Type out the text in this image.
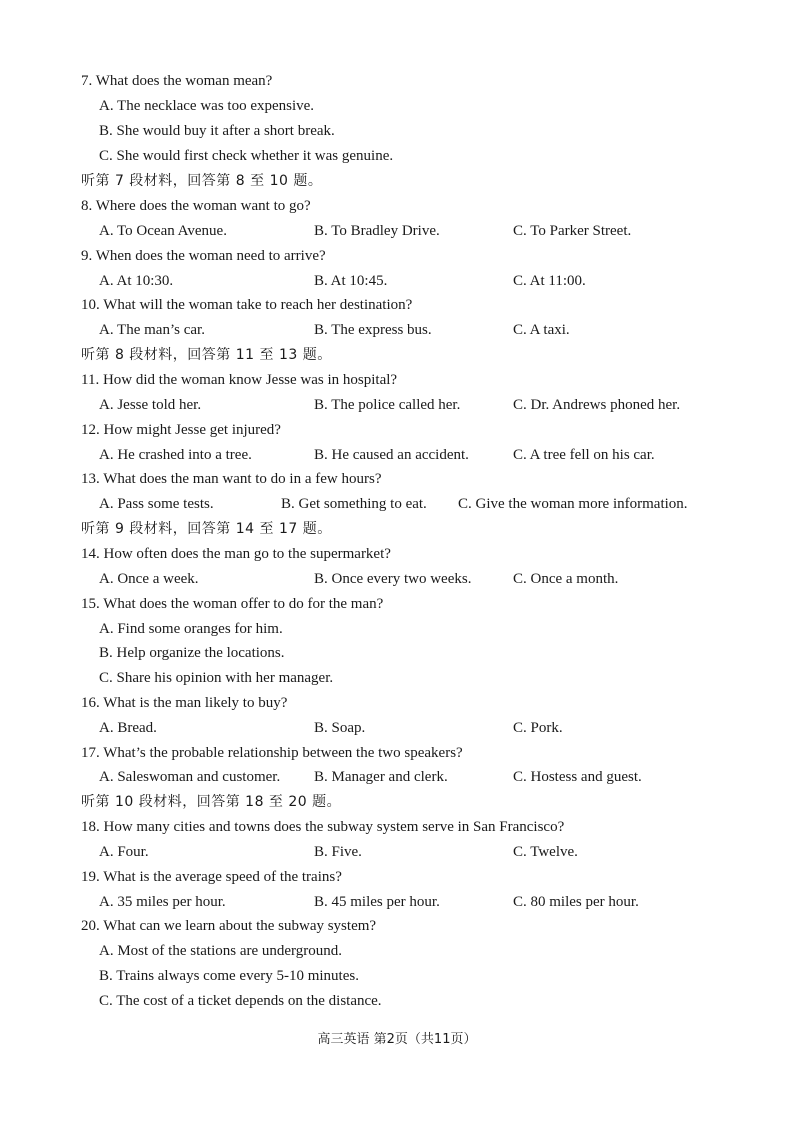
7. What does the woman mean?
A. The necklace was too expensive.
B. She would buy it after a short break.
C. She would first check whether it was genuine.
听第 7 段材料，回答第 8 至 10 题。
8. Where does the woman want to go?
A. To Ocean Avenue.	B. To Bradley Drive.	C. To Parker Street.
9. When does the woman need to arrive?
A. At 10:30.	B. At 10:45.	C. At 11:00.
10. What will the woman take to reach her destination?
A. The man’s car.	B. The express bus.	C. A taxi.
听第 8 段材料，回答第 11 至 13 题。
11. How did the woman know Jesse was in hospital?
A. Jesse told her.	B. The police called her.	C. Dr. Andrews phoned her.
12. How might Jesse get injured?
A. He crashed into a tree.	B. He caused an accident.	C. A tree fell on his car.
13. What does the man want to do in a few hours?
A. Pass some tests.	B. Get something to eat. C. Give the woman more information.
听第 9 段材料，回答第 14 至 17 题。
14. How often does the man go to the supermarket?
A. Once a week.	B. Once every two weeks.	C. Once a month.
15. What does the woman offer to do for the man?
A. Find some oranges for him.
B. Help organize the locations.
C. Share his opinion with her manager.
16. What is the man likely to buy?
A. Bread.	B. Soap.	C. Pork.
17. What’s the probable relationship between the two speakers?
A. Saleswoman and customer. B. Manager and clerk.	C. Hostess and guest.
听第 10 段材料，回答第 18 至 20 题。
18. How many cities and towns does the subway system serve in San Francisco?
A. Four.	B. Five.	C. Twelve.
19. What is the average speed of the trains?
A. 35 miles per hour.	B. 45 miles per hour.	C. 80 miles per hour.
20. What can we learn about the subway system?
A. Most of the stations are underground.
B. Trains always come every 5-10 minutes.
C. The cost of a ticket depends on the distance.
高三英语 第2页（共11页）
